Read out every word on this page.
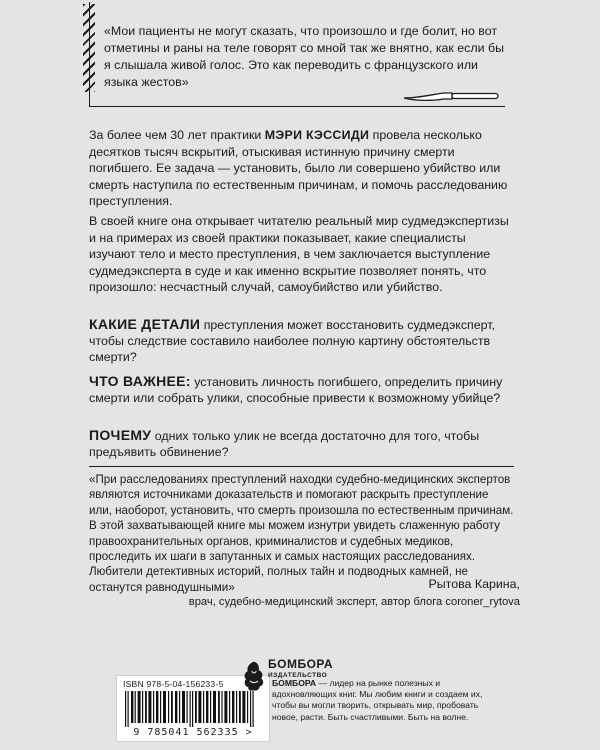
«Мои пациенты не могут сказать, что произошло и где болит, но вот отметины и раны на теле говорят со мной так же внятно, как если бы я слышала живой голос. Это как переводить с французского или языка жестов»

За более чем 30 лет практики МЭРИ КЭССИДИ провела несколько десятков тысяч вскрытий, отыскивая истинную причину смерти погибшего. Ее задача — установить, было ли совершено убийство или смерть наступила по естественным причинам, и помочь расследованию преступления.

В своей книге она открывает читателю реальный мир судмедэкспертизы и на примерах из своей практики показывает, какие специалисты изучают тело и место преступления, в чем заключается выступление судмедэксперта в суде и как именно вскрытие позволяет понять, что произошло: несчастный случай, самоубийство или убийство.

КАКИЕ ДЕТАЛИ преступления может восстановить судмедэксперт, чтобы следствие составило наиболее полную картину обстоятельств смерти?

ЧТО ВАЖНЕЕ: установить личность погибшего, определить причину смерти или собрать улики, способные привести к возможному убийце?

ПОЧЕМУ одних только улик не всегда достаточно для того, чтобы предъявить обвинение?

«При расследованиях преступлений находки судебно-медицинских экспертов являются источниками доказательств и помогают раскрыть преступление или, наоборот, установить, что смерть произошла по естественным причинам. В этой захватывающей книге мы можем изнутри увидеть слаженную работу правоохранительных органов, криминалистов и судебных медиков, проследить их шаги в запутанных и самых настоящих расследованиях. Любители детективных историй, полных тайн и подводных камней, не останутся равнодушными»	Рытова Карина,

врач, судебно-медицинский эксперт, автор блога coroner_rytova

ISBN 978-5-04-156233-5
9 785041 562335 >
БОМБОРА
ИЗДАТЕЛЬСТВО

БОМБОРА — лидер на рынке полезных и вдохновляющих книг. Мы любим книги и создаем их, чтобы вы могли творить, открывать мир, пробовать новое, расти. Быть счастливыми. Быть на волне.
